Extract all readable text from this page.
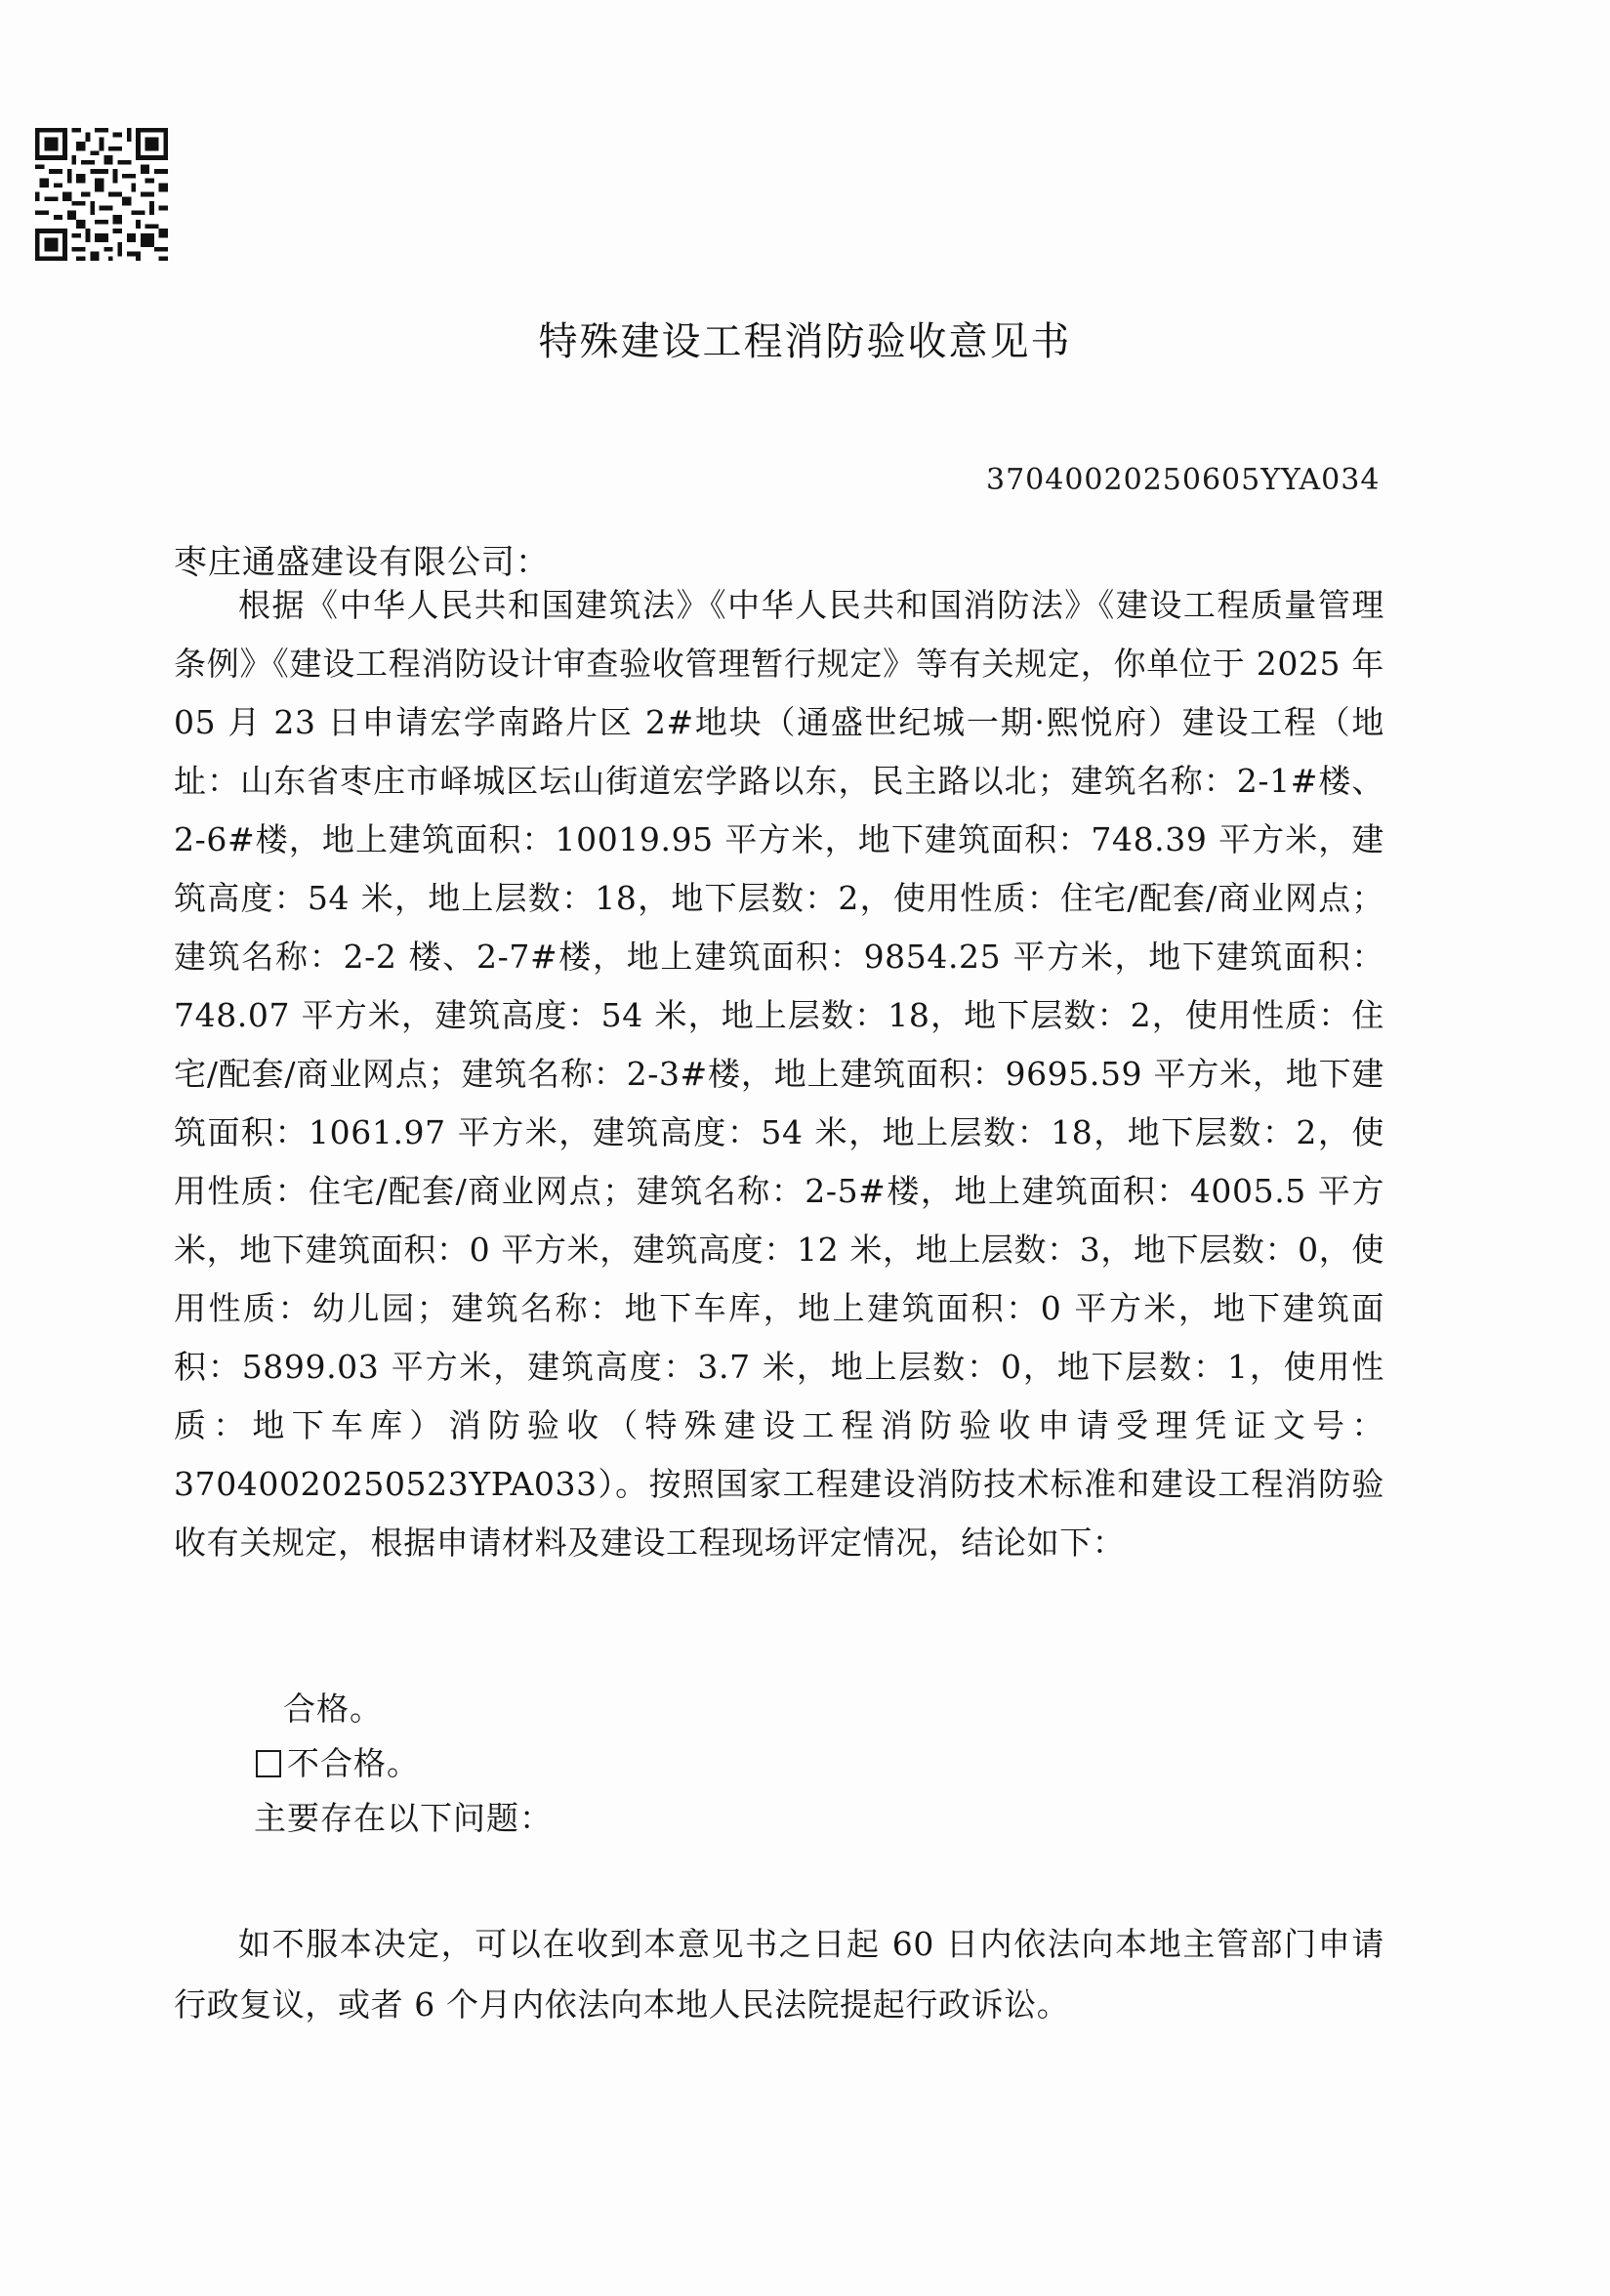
特殊建设工程消防验收意见书
37040020250605YYA034
枣庄通盛建设有限公司：

根据《中华人民共和国建筑法》《中华人民共和国消防法》《建设工程质量管理条例》《建设工程消防设计审查验收管理暂行规定》等有关规定，你单位于 2025 年 05 月 23 日申请宏学南路片区 2#地块（通盛世纪城一期·熙悦府）建设工程（地址：山东省枣庄市峄城区坛山街道宏学路以东，民主路以北；建筑名称：2-1#楼、2-6#楼，地上建筑面积：10019.95 平方米，地下建筑面积：748.39 平方米，建筑高度：54 米，地上层数：18，地下层数：2，使用性质：住宅/配套/商业网点；建筑名称：2-2 楼、2-7#楼，地上建筑面积：9854.25 平方米，地下建筑面积：748.07 平方米，建筑高度：54 米，地上层数：18，地下层数：2，使用性质：住宅/配套/商业网点；建筑名称：2-3#楼，地上建筑面积：9695.59 平方米，地下建筑面积：1061.97 平方米，建筑高度：54 米，地上层数：18，地下层数：2，使用性质：住宅/配套/商业网点；建筑名称：2-5#楼，地上建筑面积：4005.5 平方米，地下建筑面积：0 平方米，建筑高度：12 米，地上层数：3，地下层数：0，使用性质：幼儿园；建筑名称：地下车库，地上建筑面积：0 平方米，地下建筑面积：5899.03 平方米，建筑高度：3.7 米，地上层数：0，地下层数：1，使用性质：地下车库）消防验收（特殊建设工程消防验收申请受理凭证文号：37040020250523YPA033）。按照国家工程建设消防技术标准和建设工程消防验收有关规定，根据申请材料及建设工程现场评定情况，结论如下：

合格。
不合格。
主要存在以下问题：

如不服本决定，可以在收到本意见书之日起 60 日内依法向本地主管部门申请行政复议，或者 6 个月内依法向本地人民法院提起行政诉讼。
